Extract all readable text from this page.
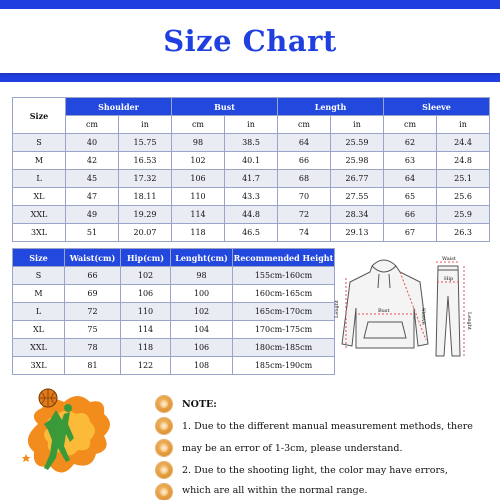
Size Chart
Size	Shoulder		Bust		Length		Sleeve	
	cm	in	cm	in	cm	in	cm	in
S	40	15.75	98	38.5	64	25.59	62	24.4
M	42	16.53	102	40.1	66	25.98	63	24.8
L	45	17.32	106	41.7	68	26.77	64	25.1
XL	47	18.11	110	43.3	70	27.55	65	25.6
XXL	49	19.29	114	44.8	72	28.34	66	25.9
3XL	51	20.07	118	46.5	74	29.13	67	26.3
Size	Waist(cm)	Hip(cm)	Lenght(cm)	Recommended Height
S	66	102	98	155cm-160cm
M	69	106	100	160cm-165cm
L	72	110	102	165cm-170cm
XL	75	114	104	170cm-175cm
XXL	78	118	106	180cm-185cm
3XL	81	122	108	185cm-190cm
Lenght	Bust	Sleeve
Waist
Hip
Lenght
NOTE:
1. Due to the different manual measurement methods, there
may be an error of 1-3cm, please understand.
2. Due to the shooting light, the color may have errors,
which are all within the normal range.
